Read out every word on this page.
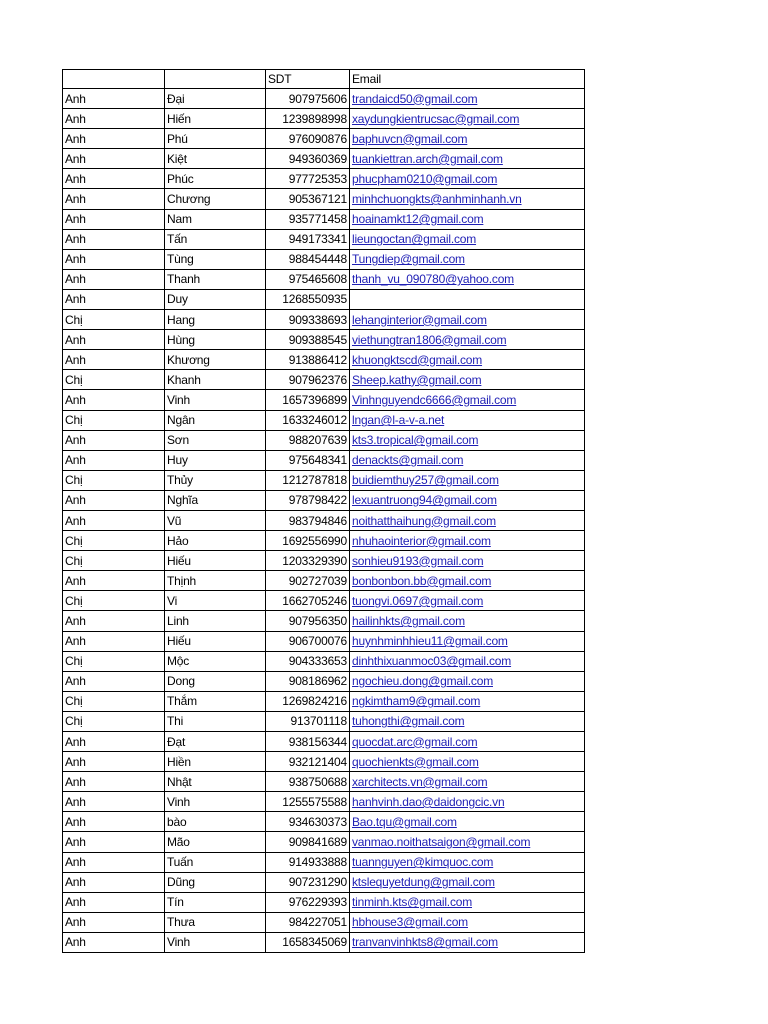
		SDT	Email
Anh	Đại	907975606	trandaicd50@gmail.com
Anh	Hiến	1239898998	xaydungkientrucsac@gmail.com
Anh	Phú	976090876	baphuvcn@gmail.com
Anh	Kiệt	949360369	tuankiettran.arch@gmail.com
Anh	Phúc	977725353	phucpham0210@gmail.com
Anh	Chương	905367121	minhchuongkts@anhminhanh.vn
Anh	Nam	935771458	hoainamkt12@gmail.com
Anh	Tấn	949173341	lieungoctan@gmail.com
Anh	Tùng	988454448	Tungdiep@gmail.com
Anh	Thanh	975465608	thanh_vu_090780@yahoo.com
Anh	Duy	1268550935	
Chị	Hang	909338693	lehanginterior@gmail.com
Anh	Hùng	909388545	viethungtran1806@gmail.com
Anh	Khương	913886412	khuongktscd@gmail.com
Chị	Khanh	907962376	Sheep.kathy@gmail.com
Anh	Vinh	1657396899	Vinhnguyendc6666@gmail.com
Chị	Ngân	1633246012	lngan@l-a-v-a.net
Anh	Sơn	988207639	kts3.tropical@gmail.com
Anh	Huy	975648341	denackts@gmail.com
Chị	Thủy	1212787818	buidiemthuy257@gmail.com
Anh	Nghĩa	978798422	lexuantruong94@gmail.com
Anh	Vũ	983794846	noithatthaihung@gmail.com
Chị	Hảo	1692556990	nhuhaointerior@gmail.com
Chị	Hiếu	1203329390	sonhieu9193@gmail.com
Anh	Thịnh	902727039	bonbonbon.bb@gmail.com
Chị	Vi	1662705246	tuongvi.0697@gmail.com
Anh	Linh	907956350	hailinhkts@gmail.com
Anh	Hiếu	906700076	huynhminhhieu11@gmail.com
Chị	Mộc	904333653	dinhthixuanmoc03@gmail.com
Anh	Dong	908186962	ngochieu.dong@gmail.com
Chị	Thắm	1269824216	ngkimtham9@gmail.com
Chị	Thi	913701118	tuhongthi@gmail.com
Anh	Đạt	938156344	quocdat.arc@gmail.com
Anh	Hiền	932121404	quochienkts@gmail.com
Anh	Nhật	938750688	xarchitects.vn@gmail.com
Anh	Vinh	1255575588	hanhvinh.dao@daidongcic.vn
Anh	bào	934630373	Bao.tqu@gmail.com
Anh	Mão	909841689	vanmao.noithatsaigon@gmail.com
Anh	Tuấn	914933888	tuannguyen@kimquoc.com
Anh	Dũng	907231290	ktslequyetdung@gmail.com
Anh	Tín	976229393	tinminh.kts@gmail.com
Anh	Thưa	984227051	hbhouse3@gmail.com
Anh	Vinh	1658345069	tranvanvinhkts8@gmail.com
